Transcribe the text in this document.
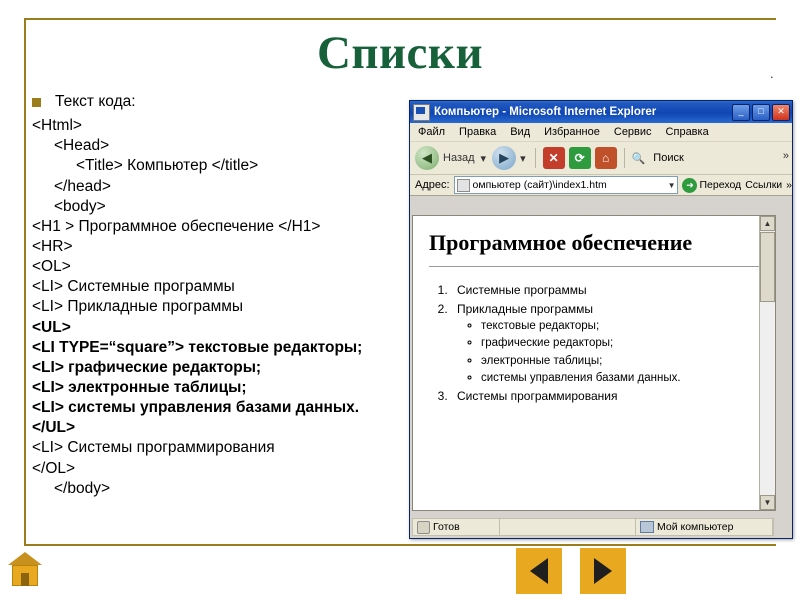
Списки	.
Текст кода:
<Html>
<Head>
<Title> Компьютер </title>
</head>
<body>
<H1 > Программное обеспечение </H1>
<HR>
<OL>
<LI> Системные программы
<LI> Прикладные программы
<UL>
<LI TYPE=“square”> текстовые редакторы;
<LI> графические редакторы;
<LI> электронные таблицы;
<LI> системы управления базами данных.
</UL>
<LI> Системы программирования
</OL>
</body>
Компьютер - Microsoft Internet Explorer	_	□	✕
Файл Правка Вид Избранное Сервис Справка
◀	Назад ▾	▶	▾	✕	⟳	⌂	🔍 Поиск	»
Адрес: омпьютер (сайт)\index1.htm	▼	➜ Переход Ссылки »
Программное обеспечение
1. Системные программы
2. Прикладные программы
◦ текстовые редакторы;
◦ графические редакторы;
◦ электронные таблицы;
◦ системы управления базами данных.
3. Системы программирования
▲
▼
Готов	Мой компьютер
